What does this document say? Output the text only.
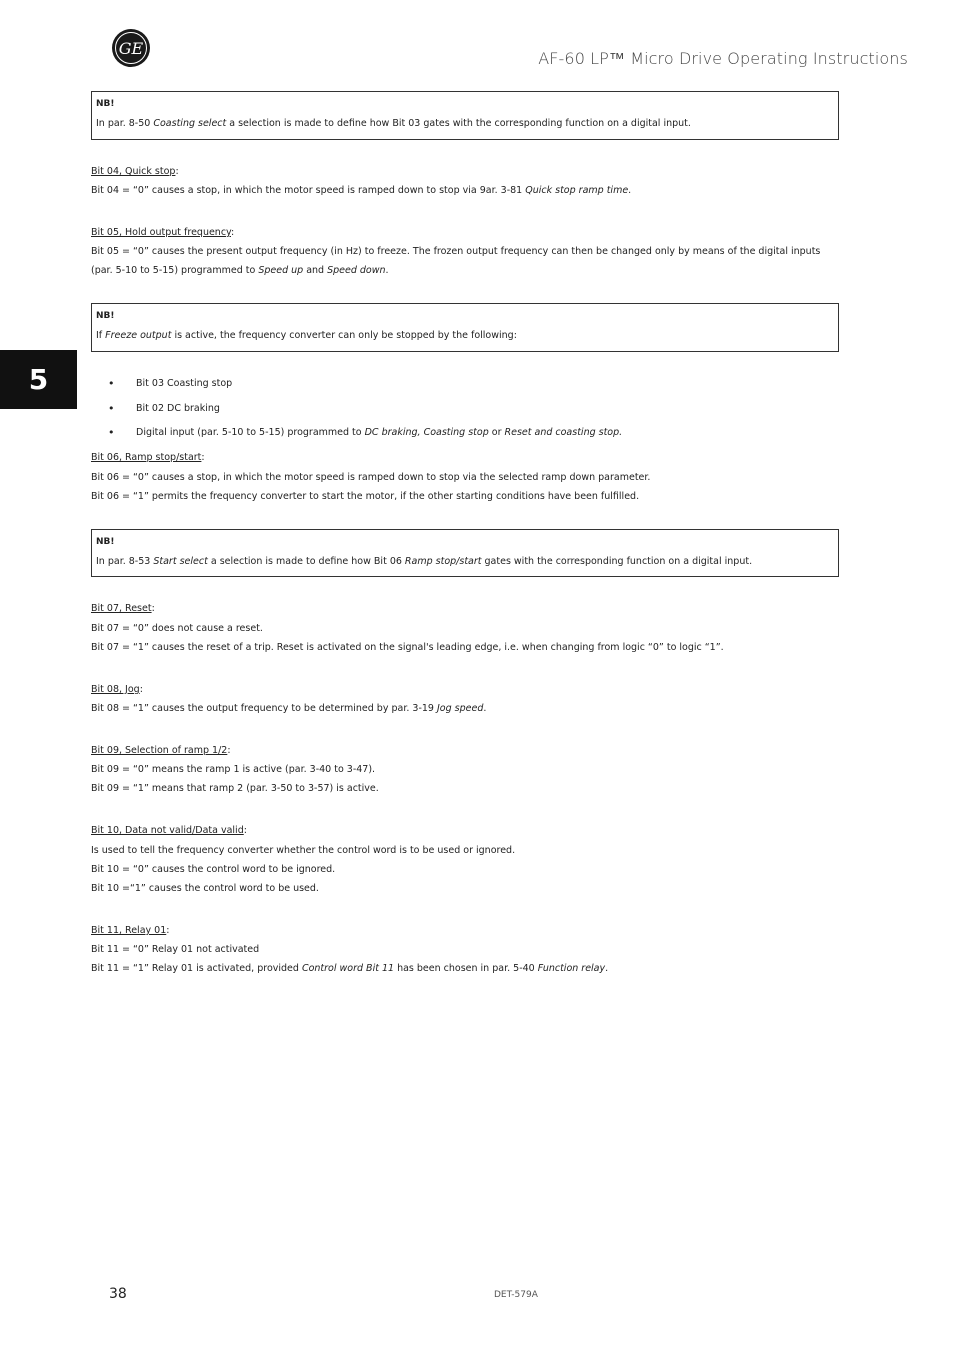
GE
AF-60 LP™ Micro Drive Operating Instructions
5
NB!
In par. 8-50 Coasting select a selection is made to define how Bit 03 gates with the corresponding function on a digital input.
Bit 04, Quick stop:
Bit 04 = “0” causes a stop, in which the motor speed is ramped down to stop via 9ar. 3-81 Quick stop ramp time.
Bit 05, Hold output frequency:
Bit 05 = “0” causes the present output frequency (in Hz) to freeze. The frozen output frequency can then be changed only by means of the digital inputs (par. 5-10 to 5-15) programmed to Speed up and Speed down.
NB!
If Freeze output is active, the frequency converter can only be stopped by the following:
• Bit 03 Coasting stop
• Bit 02 DC braking
• Digital input (par. 5-10 to 5-15) programmed to DC braking, Coasting stop or Reset and coasting stop.
Bit 06, Ramp stop/start:
Bit 06 = “0” causes a stop, in which the motor speed is ramped down to stop via the selected ramp down parameter.
Bit 06 = “1” permits the frequency converter to start the motor, if the other starting conditions have been fulfilled.
NB!
In par. 8-53 Start select a selection is made to define how Bit 06 Ramp stop/start gates with the corresponding function on a digital input.
Bit 07, Reset:
Bit 07 = “0” does not cause a reset.
Bit 07 = “1” causes the reset of a trip. Reset is activated on the signal's leading edge, i.e. when changing from logic “0” to logic “1”.
Bit 08, Jog:
Bit 08 = “1” causes the output frequency to be determined by par. 3-19 Jog speed.
Bit 09, Selection of ramp 1/2:
Bit 09 = “0” means the ramp 1 is active (par. 3-40 to 3-47).
Bit 09 = “1” means that ramp 2 (par. 3-50 to 3-57) is active.
Bit 10, Data not valid/Data valid:
Is used to tell the frequency converter whether the control word is to be used or ignored.
Bit 10 = “0” causes the control word to be ignored.
Bit 10 =“1” causes the control word to be used.
Bit 11, Relay 01:
Bit 11 = “0” Relay 01 not activated
Bit 11 = “1” Relay 01 is activated, provided Control word Bit 11 has been chosen in par. 5-40 Function relay.
38	DET-579A
